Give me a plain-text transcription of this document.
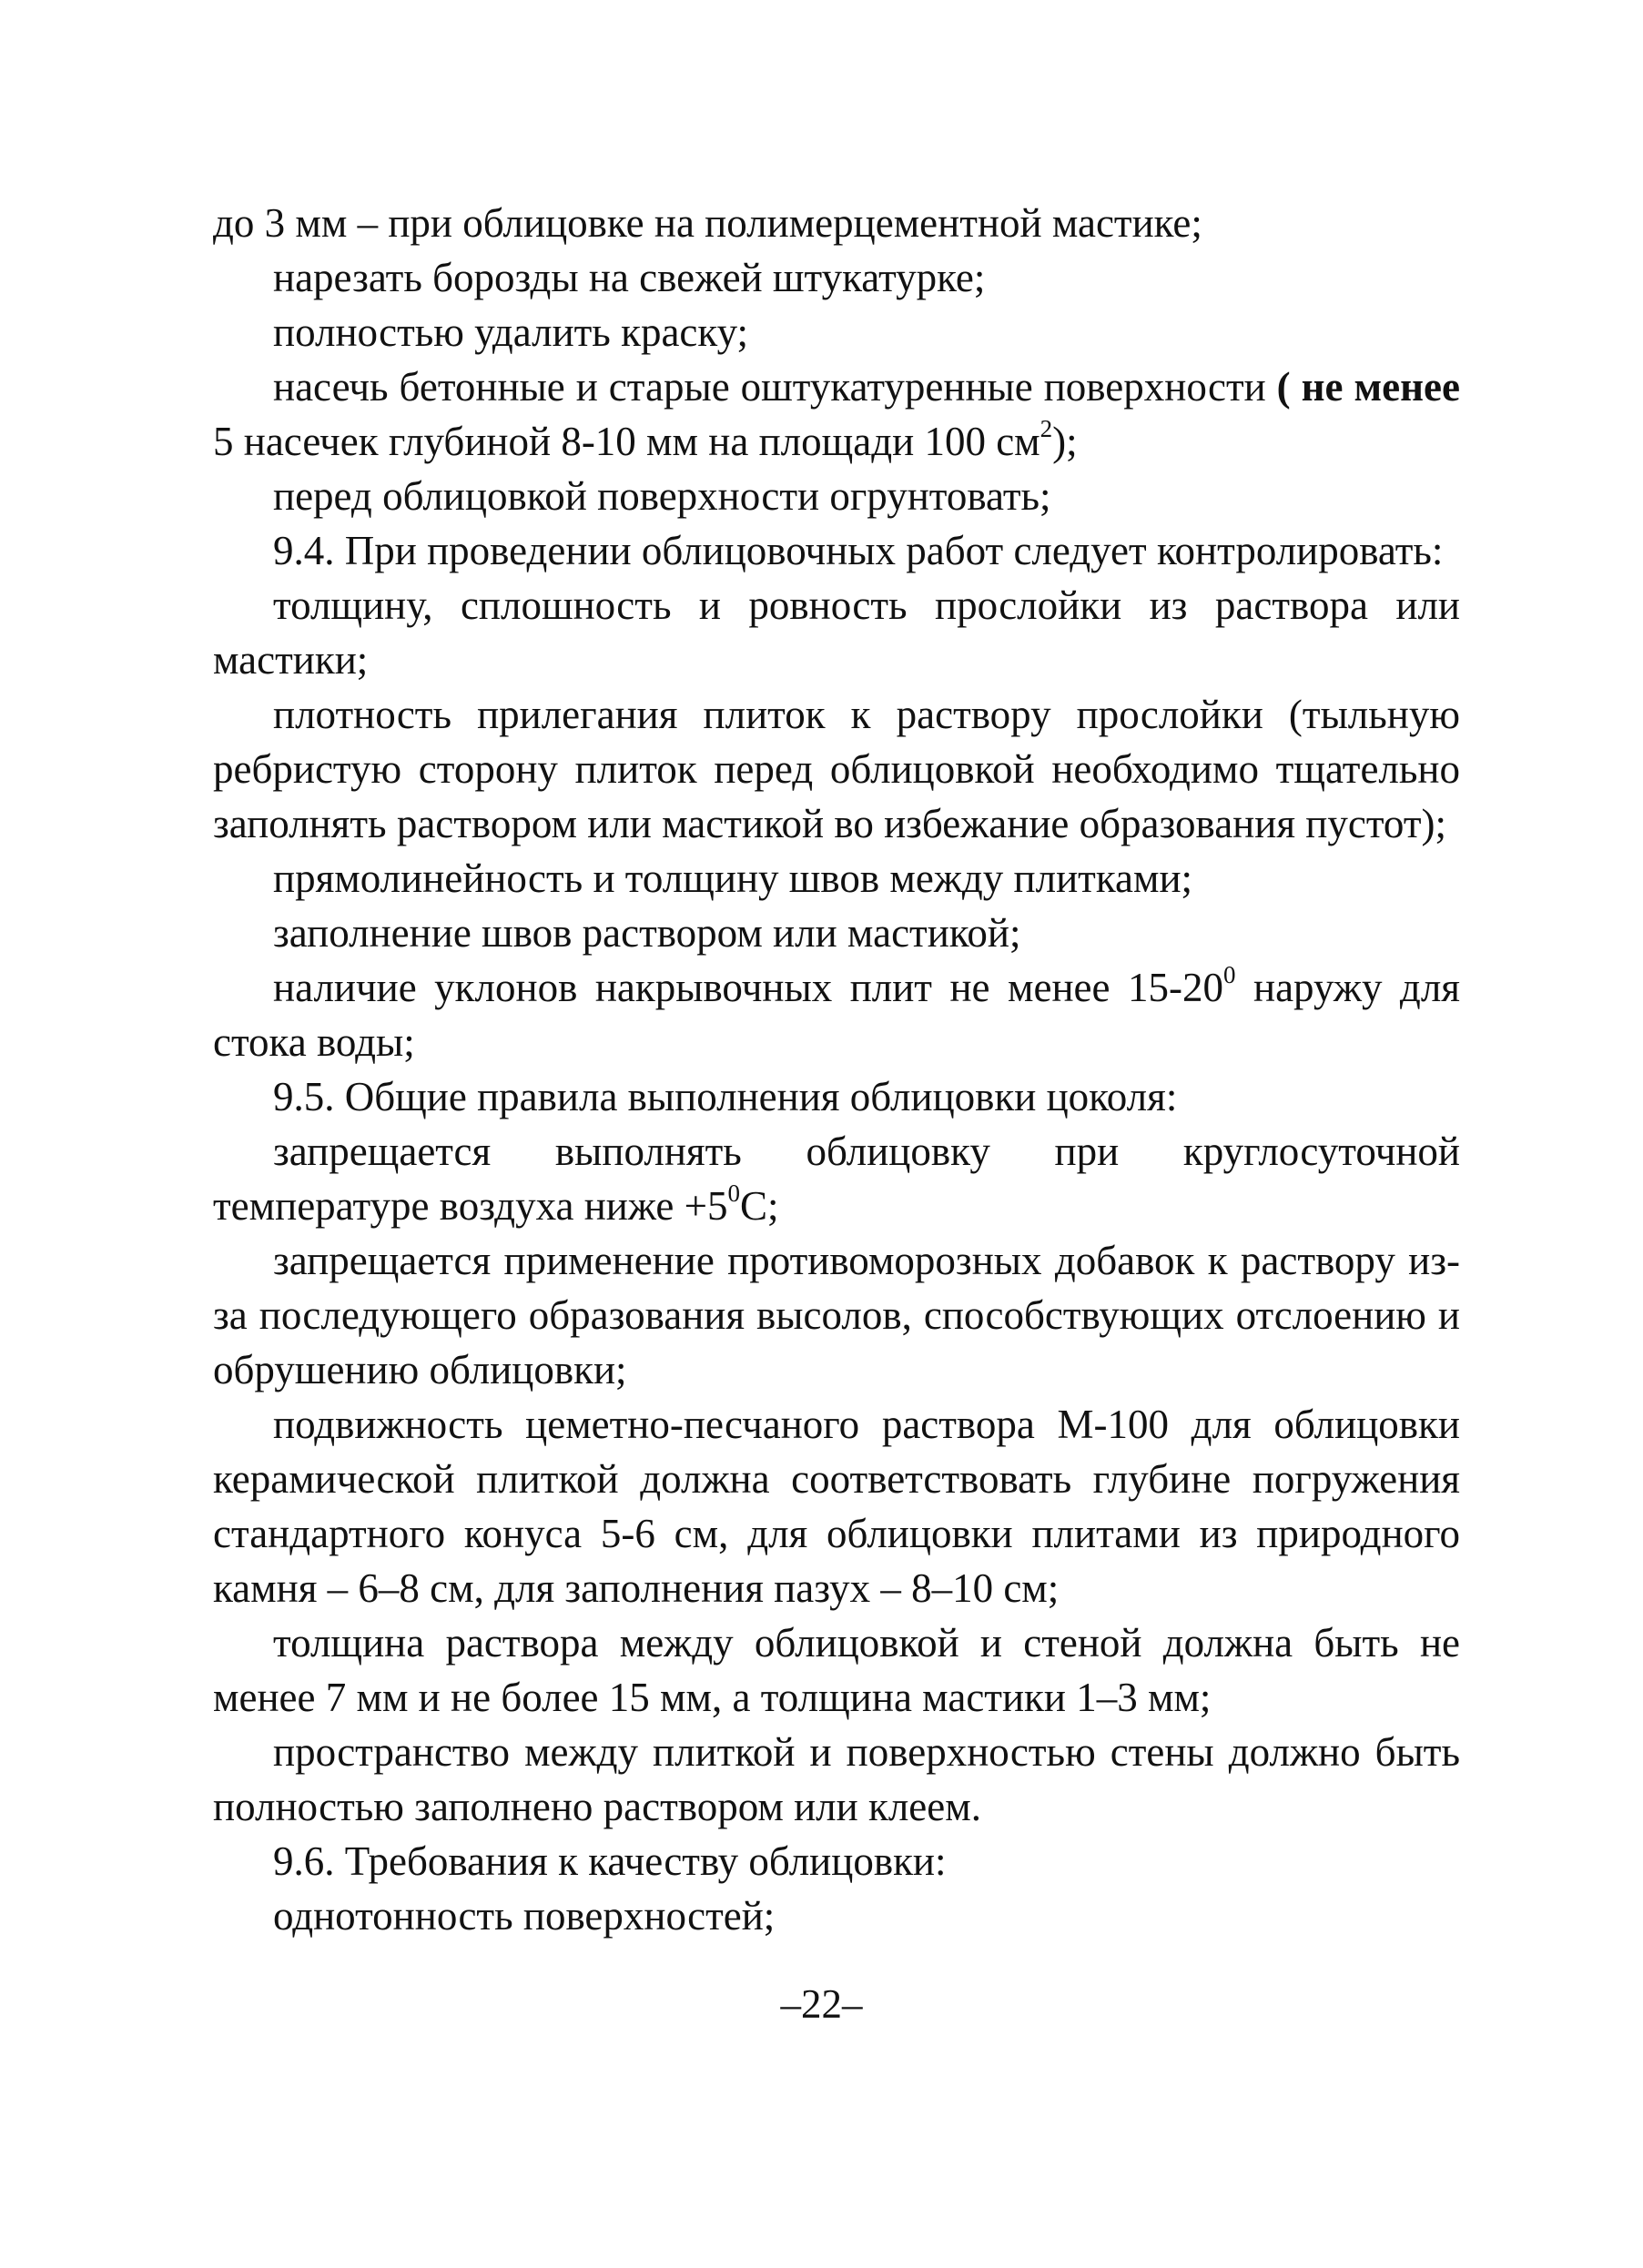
до 3 мм – при облицовке на полимерцементной мастике;

нарезать борозды на свежей штукатурке;

полностью удалить краску;

насечь бетонные и старые оштукатуренные поверхности ( не менее 5 насечек глубиной 8-10 мм на площади 100 $см^2$);

перед облицовкой поверхности огрунтовать;

9.4. При проведении облицовочных работ следует контролировать:

толщину, сплошность и ровность прослойки из раствора или мастики;

плотность прилегания плиток к раствору прослойки (тыльную ребристую сторону плиток перед облицовкой необходимо тщательно заполнять раствором или мастикой во избежание образования пустот);

прямолинейность и толщину швов между плитками;

заполнение швов раствором или мастикой;

наличие уклонов накрывочных плит не менее $15-20^0$ наружу для стока воды;

9.5. Общие правила выполнения облицовки цоколя:

запрещается выполнять облицовку при круглосуточной температуре воздуха ниже $+5^0С$;

запрещается применение противоморозных добавок к раствору из-за последующего образования высолов, способствующих отслоению и обрушению облицовки;

подвижность цеметно-песчаного раствора М-100 для облицовки керамической плиткой должна соответствовать глубине погружения стандартного конуса 5-6 см, для облицовки плитами из природного камня – 6–8 см, для заполнения пазух – 8–10 см;

толщина раствора между облицовкой и стеной должна быть не менее 7 мм и не более 15 мм, а толщина мастики 1–3 мм;

пространство между плиткой и поверхностью стены должно быть полностью заполнено раствором или клеем.

9.6. Требования к качеству облицовки:

однотонность поверхностей;

–22–
